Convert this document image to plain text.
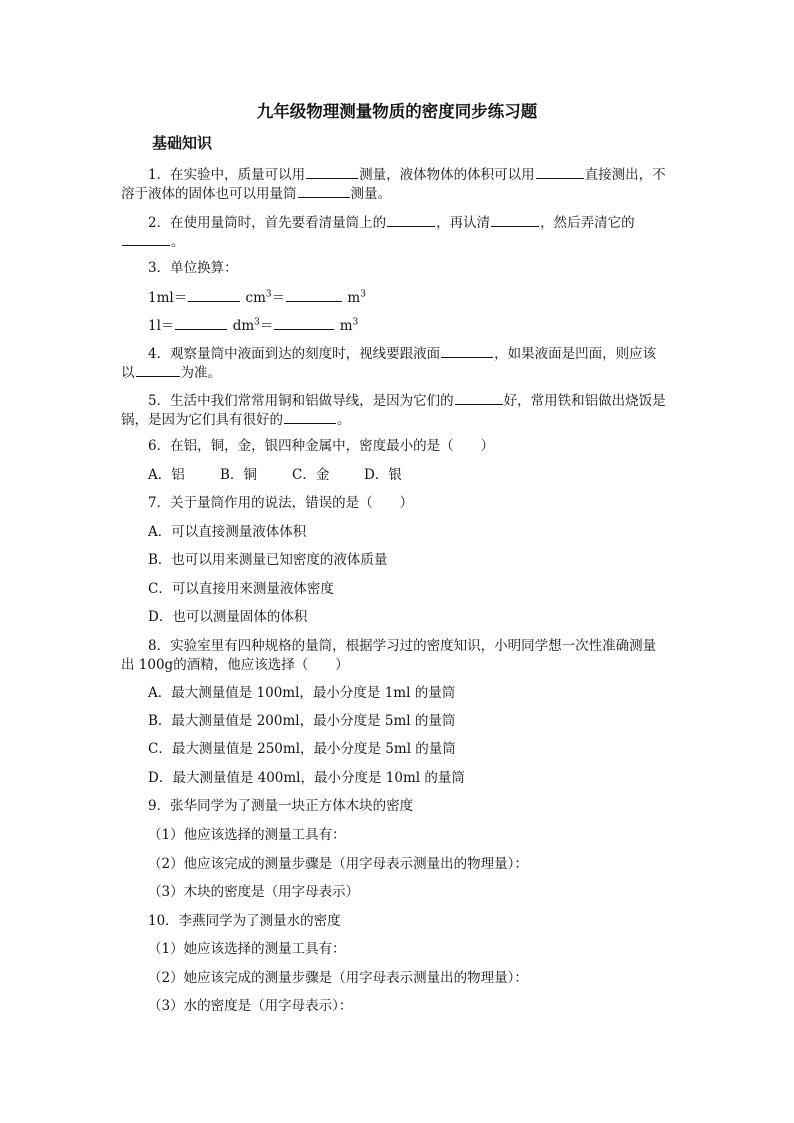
九年级物理测量物质的密度同步练习题
基础知识
1．在实验中，质量可以用	测量，液体物体的体积可以用	直接测出，不
溶于液体的固体也可以用量筒	测量。
2．在使用量筒时，首先要看清量筒上的	，再认清	，然后弄清它的
。
3．单位换算：
1ml＝	$cm^3=$	$m^3$
1l＝	$dm^3=$	$m^3$
4．观察量筒中液面到达的刻度时，视线要跟液面	，如果液面是凹面，则应该
以	为准。
5．生活中我们常常用铜和铝做导线，是因为它们的	好，常用铁和铝做出烧饭是
锅，是因为它们具有很好的	。
6．在铝，铜，金，银四种金属中，密度最小的是（　　）
A．铝	B．铜	C．金	D．银
7．关于量筒作用的说法，错误的是（　　）
A．可以直接测量液体体积
B．也可以用来测量已知密度的液体质量
C．可以直接用来测量液体密度
D．也可以测量固体的体积
8．实验室里有四种规格的量筒，根据学习过的密度知识，小明同学想一次性准确测量
出 100g的酒精，他应该选择（　　）
A．最大测量值是 100ml，最小分度是 1ml 的量筒
B．最大测量值是 200ml，最小分度是 5ml 的量筒
C．最大测量值是 250ml，最小分度是 5ml 的量筒
D．最大测量值是 400ml，最小分度是 10ml 的量筒
9．张华同学为了测量一块正方体木块的密度
（1）他应该选择的测量工具有：
（2）他应该完成的测量步骤是（用字母表示测量出的物理量）：
（3）木块的密度是（用字母表示）
10．李燕同学为了测量水的密度
（1）她应该选择的测量工具有：
（2）她应该完成的测量步骤是（用字母表示测量出的物理量）：
（3）水的密度是（用字母表示）：
